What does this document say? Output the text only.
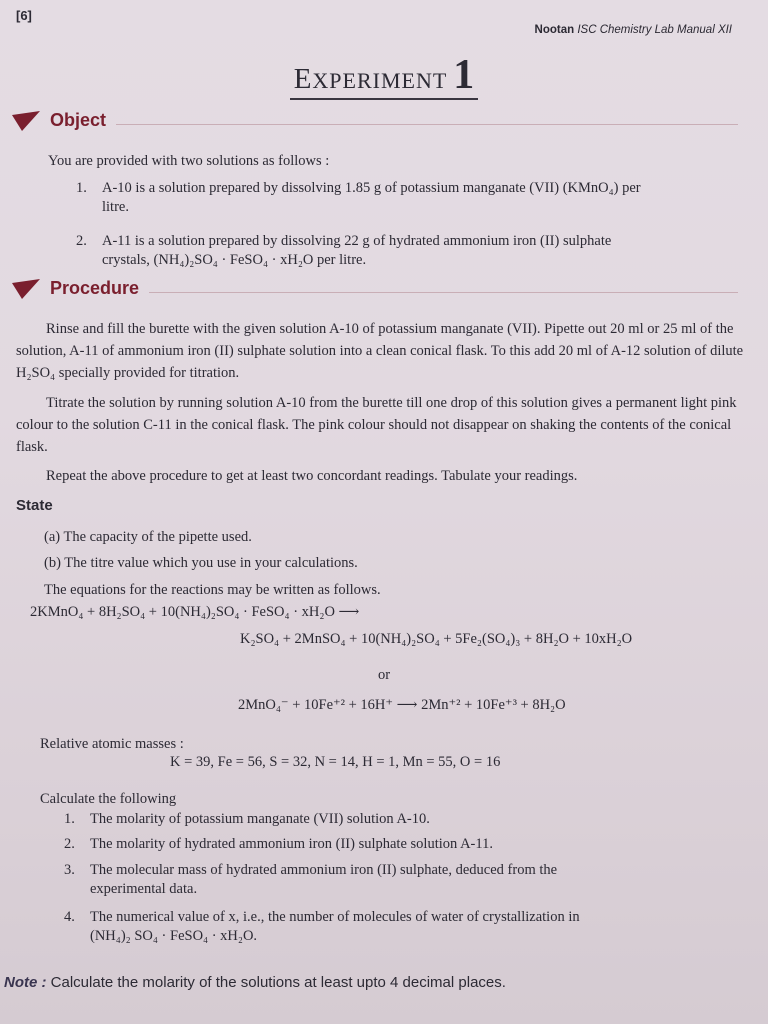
[6]
Nootan ISC Chemistry Lab Manual XII
EXPERIMENT 1
Object
You are provided with two solutions as follows :
1.	A-10 is a solution prepared by dissolving 1.85 g of potassium manganate (VII) (KMnO₄) per
litre.
2.	A-11 is a solution prepared by dissolving 22 g of hydrated ammonium iron (II) sulphate
crystals, (NH₄)₂SO₄ · FeSO₄ · xH₂O per litre.
Procedure
Rinse and fill the burette with the given solution A-10 of potassium manganate (VII). Pipette out 20 ml or 25 ml of the solution, A-11 of ammonium iron (II) sulphate solution into a clean conical flask. To this add 20 ml of A-12 solution of dilute H₂SO₄ specially provided for titration.
Titrate the solution by running solution A-10 from the burette till one drop of this solution gives a permanent light pink colour to the solution C-11 in the conical flask. The pink colour should not disappear on shaking the contents of the conical flask.
Repeat the above procedure to get at least two concordant readings. Tabulate your readings.
State
(a) The capacity of the pipette used.
(b) The titre value which you use in your calculations.
The equations for the reactions may be written as follows.
2KMnO₄ + 8H₂SO₄ + 10(NH₄)₂SO₄ · FeSO₄ · xH₂O ⟶
K₂SO₄ + 2MnSO₄ + 10(NH₄)₂SO₄ + 5Fe₂(SO₄)₃ + 8H₂O + 10xH₂O
or
2MnO₄⁻ + 10Fe⁺² + 16H⁺ ⟶ 2Mn⁺² + 10Fe⁺³ + 8H₂O
Relative atomic masses :
K = 39, Fe = 56, S = 32, N = 14, H = 1, Mn = 55, O = 16
Calculate the following
1.	The molarity of potassium manganate (VII) solution A-10.
2.	The molarity of hydrated ammonium iron (II) sulphate solution A-11.
3.	The molecular mass of hydrated ammonium iron (II) sulphate, deduced from the
experimental data.
4.	The numerical value of x, i.e., the number of molecules of water of crystallization in
(NH₄)₂ SO₄ · FeSO₄ · xH₂O.
Note : Calculate the molarity of the solutions at least upto 4 decimal places.
